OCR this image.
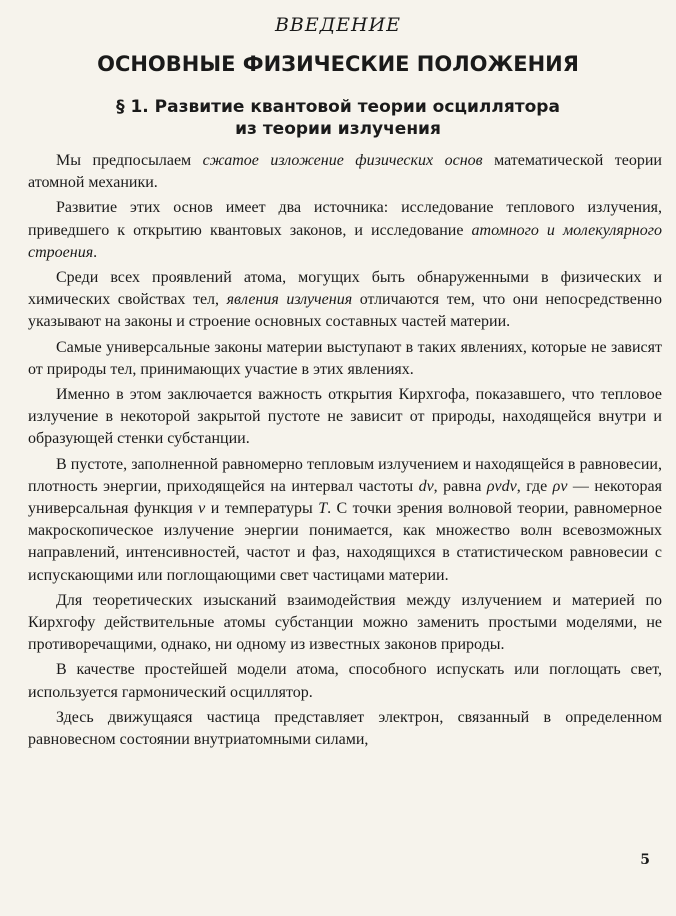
ВВЕДЕНИЕ
ОСНОВНЫЕ ФИЗИЧЕСКИЕ ПОЛОЖЕНИЯ
§ 1. Развитие квантовой теории осциллятора
из теории излучения

Мы предпосылаем сжатое изложение физических основ математической теории атомной механики.

Развитие этих основ имеет два источника: исследование теплового излучения, приведшего к открытию квантовых законов, и исследование атомного и молекулярного строения.

Среди всех проявлений атома, могущих быть обнаруженными в физических и химических свойствах тел, явления излучения отличаются тем, что они непосредственно указывают на законы и строение основных составных частей материи.

Самые универсальные законы материи выступают в таких явлениях, которые не зависят от природы тел, принимающих участие в этих явлениях.

Именно в этом заключается важность открытия Кирхгофа, показавшего, что тепловое излучение в некоторой закрытой пустоте не зависит от природы, находящейся внутри и образующей стенки субстанции.

В пустоте, заполненной равномерно тепловым излучением и находящейся в равновесии, плотность энергии, приходящейся на интервал частоты dν, равна ρνdν, где ρν — некоторая универсальная функция ν и температуры T. С точки зрения волновой теории, равномерное макроскопическое излучение энергии понимается, как множество волн всевозможных направлений, интенсивностей, частот и фаз, находящихся в статистическом равновесии с испускающими или поглощающими свет частицами материи.

Для теоретических изысканий взаимодействия между излучением и материей по Кирхгофу действительные атомы субстанции можно заменить простыми моделями, не противоречащими, однако, ни одному из известных законов природы.

В качестве простейшей модели атома, способного испускать или поглощать свет, используется гармонический осциллятор.

Здесь движущаяся частица представляет электрон, связанный в определенном равновесном состоянии внутриатомными силами,

5
